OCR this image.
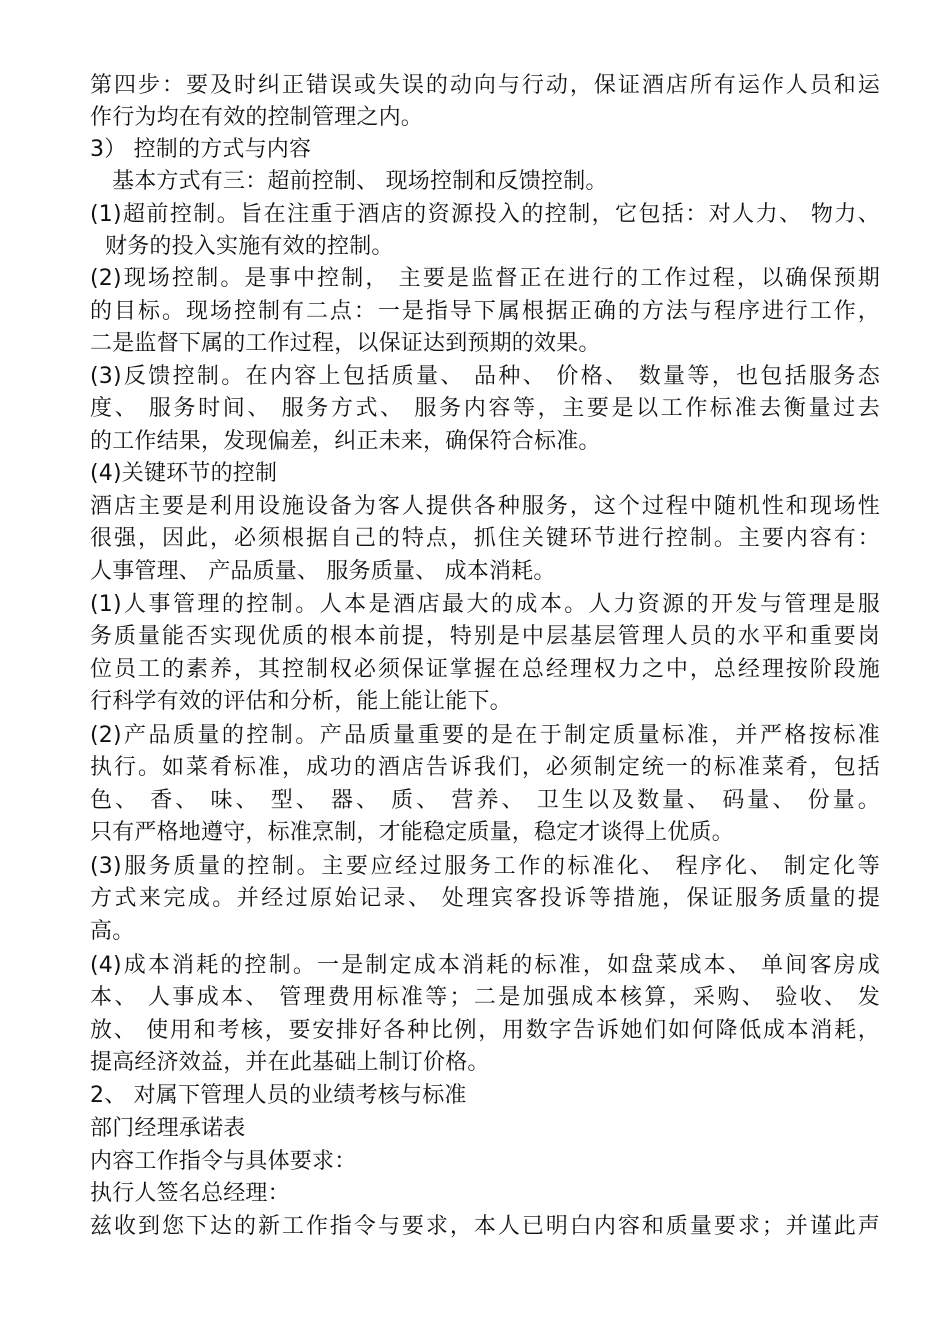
第四步：要及时纠正错误或失误的动向与行动，保证酒店所有运作人员和运
作行为均在有效的控制管理之内。
3） 控制的方式与内容
基本方式有三：超前控制、 现场控制和反馈控制。
(1)超前控制。旨在注重于酒店的资源投入的控制，它包括：对人力、 物力、
财务的投入实施有效的控制。
(2)现场控制。是事中控制， 主要是监督正在进行的工作过程，以确保预期
的目标。现场控制有二点：一是指导下属根据正确的方法与程序进行工作，
二是监督下属的工作过程，以保证达到预期的效果。
(3)反馈控制。在内容上包括质量、 品种、 价格、 数量等，也包括服务态
度、 服务时间、 服务方式、 服务内容等，主要是以工作标准去衡量过去
的工作结果，发现偏差，纠正未来，确保符合标准。
(4)关键环节的控制
酒店主要是利用设施设备为客人提供各种服务，这个过程中随机性和现场性
很强，因此，必须根据自己的特点，抓住关键环节进行控制。主要内容有：
人事管理、 产品质量、 服务质量、 成本消耗。
(1)人事管理的控制。人本是酒店最大的成本。人力资源的开发与管理是服
务质量能否实现优质的根本前提，特别是中层基层管理人员的水平和重要岗
位员工的素养，其控制权必须保证掌握在总经理权力之中，总经理按阶段施
行科学有效的评估和分析，能上能让能下。
(2)产品质量的控制。产品质量重要的是在于制定质量标准，并严格按标准
执行。如菜肴标准，成功的酒店告诉我们，必须制定统一的标准菜肴，包括
色、 香、 味、 型、 器、 质、 营养、 卫生以及数量、 码量、 份量。
只有严格地遵守，标准烹制，才能稳定质量，稳定才谈得上优质。
(3)服务质量的控制。主要应经过服务工作的标准化、 程序化、 制定化等
方式来完成。并经过原始记录、 处理宾客投诉等措施，保证服务质量的提
高。
(4)成本消耗的控制。一是制定成本消耗的标准，如盘菜成本、 单间客房成
本、 人事成本、 管理费用标准等；二是加强成本核算，采购、 验收、 发
放、 使用和考核，要安排好各种比例，用数字告诉她们如何降低成本消耗，
提高经济效益，并在此基础上制订价格。
2、 对属下管理人员的业绩考核与标准
部门经理承诺表
内容工作指令与具体要求：
执行人签名总经理：
兹收到您下达的新工作指令与要求，本人已明白内容和质量要求；并谨此声
